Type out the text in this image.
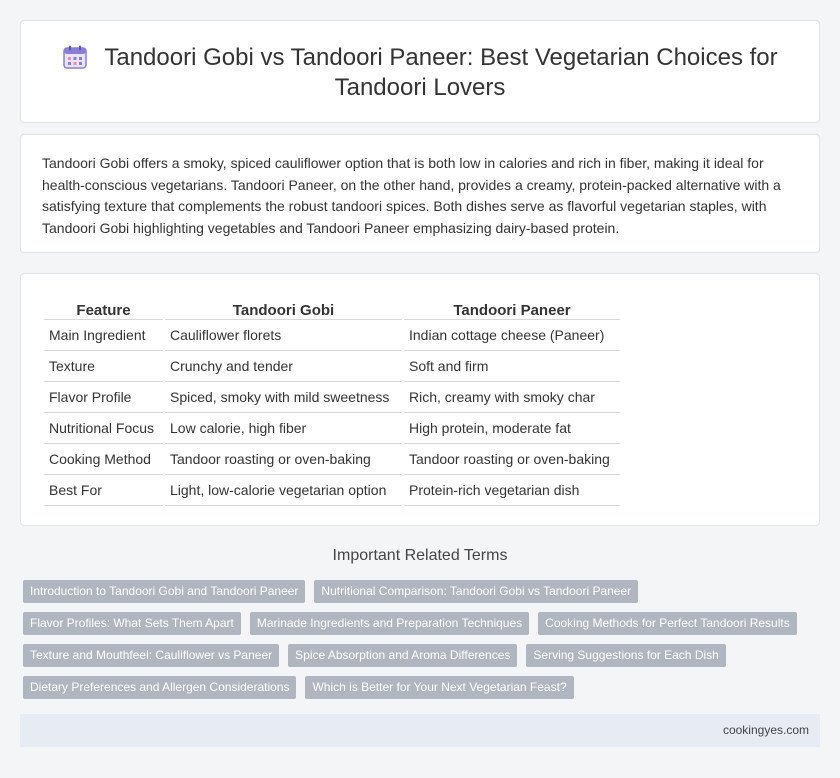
Tandoori Gobi vs Tandoori Paneer: Best Vegetarian Choices for Tandoori Lovers

Tandoori Gobi offers a smoky, spiced cauliflower option that is both low in calories and rich in fiber, making it ideal for health-conscious vegetarians. Tandoori Paneer, on the other hand, provides a creamy, protein-packed alternative with a satisfying texture that complements the robust tandoori spices. Both dishes serve as flavorful vegetarian staples, with Tandoori Gobi highlighting vegetables and Tandoori Paneer emphasizing dairy-based protein.

Feature	Tandoori Gobi	Tandoori Paneer
Main Ingredient	Cauliflower florets	Indian cottage cheese (Paneer)
Texture	Crunchy and tender	Soft and firm
Flavor Profile	Spiced, smoky with mild sweetness	Rich, creamy with smoky char
Nutritional Focus	Low calorie, high fiber	High protein, moderate fat
Cooking Method	Tandoor roasting or oven-baking	Tandoor roasting or oven-baking
Best For	Light, low-calorie vegetarian option	Protein-rich vegetarian dish
Important Related Terms
Introduction to Tandoori Gobi and Tandoori Paneer	Nutritional Comparison: Tandoori Gobi vs Tandoori Paneer
Flavor Profiles: What Sets Them Apart	Marinade Ingredients and Preparation Techniques	Cooking Methods for Perfect Tandoori Results
Texture and Mouthfeel: Cauliflower vs Paneer	Spice Absorption and Aroma Differences	Serving Suggestions for Each Dish
Dietary Preferences and Allergen Considerations	Which is Better for Your Next Vegetarian Feast?
cookingyes.com
